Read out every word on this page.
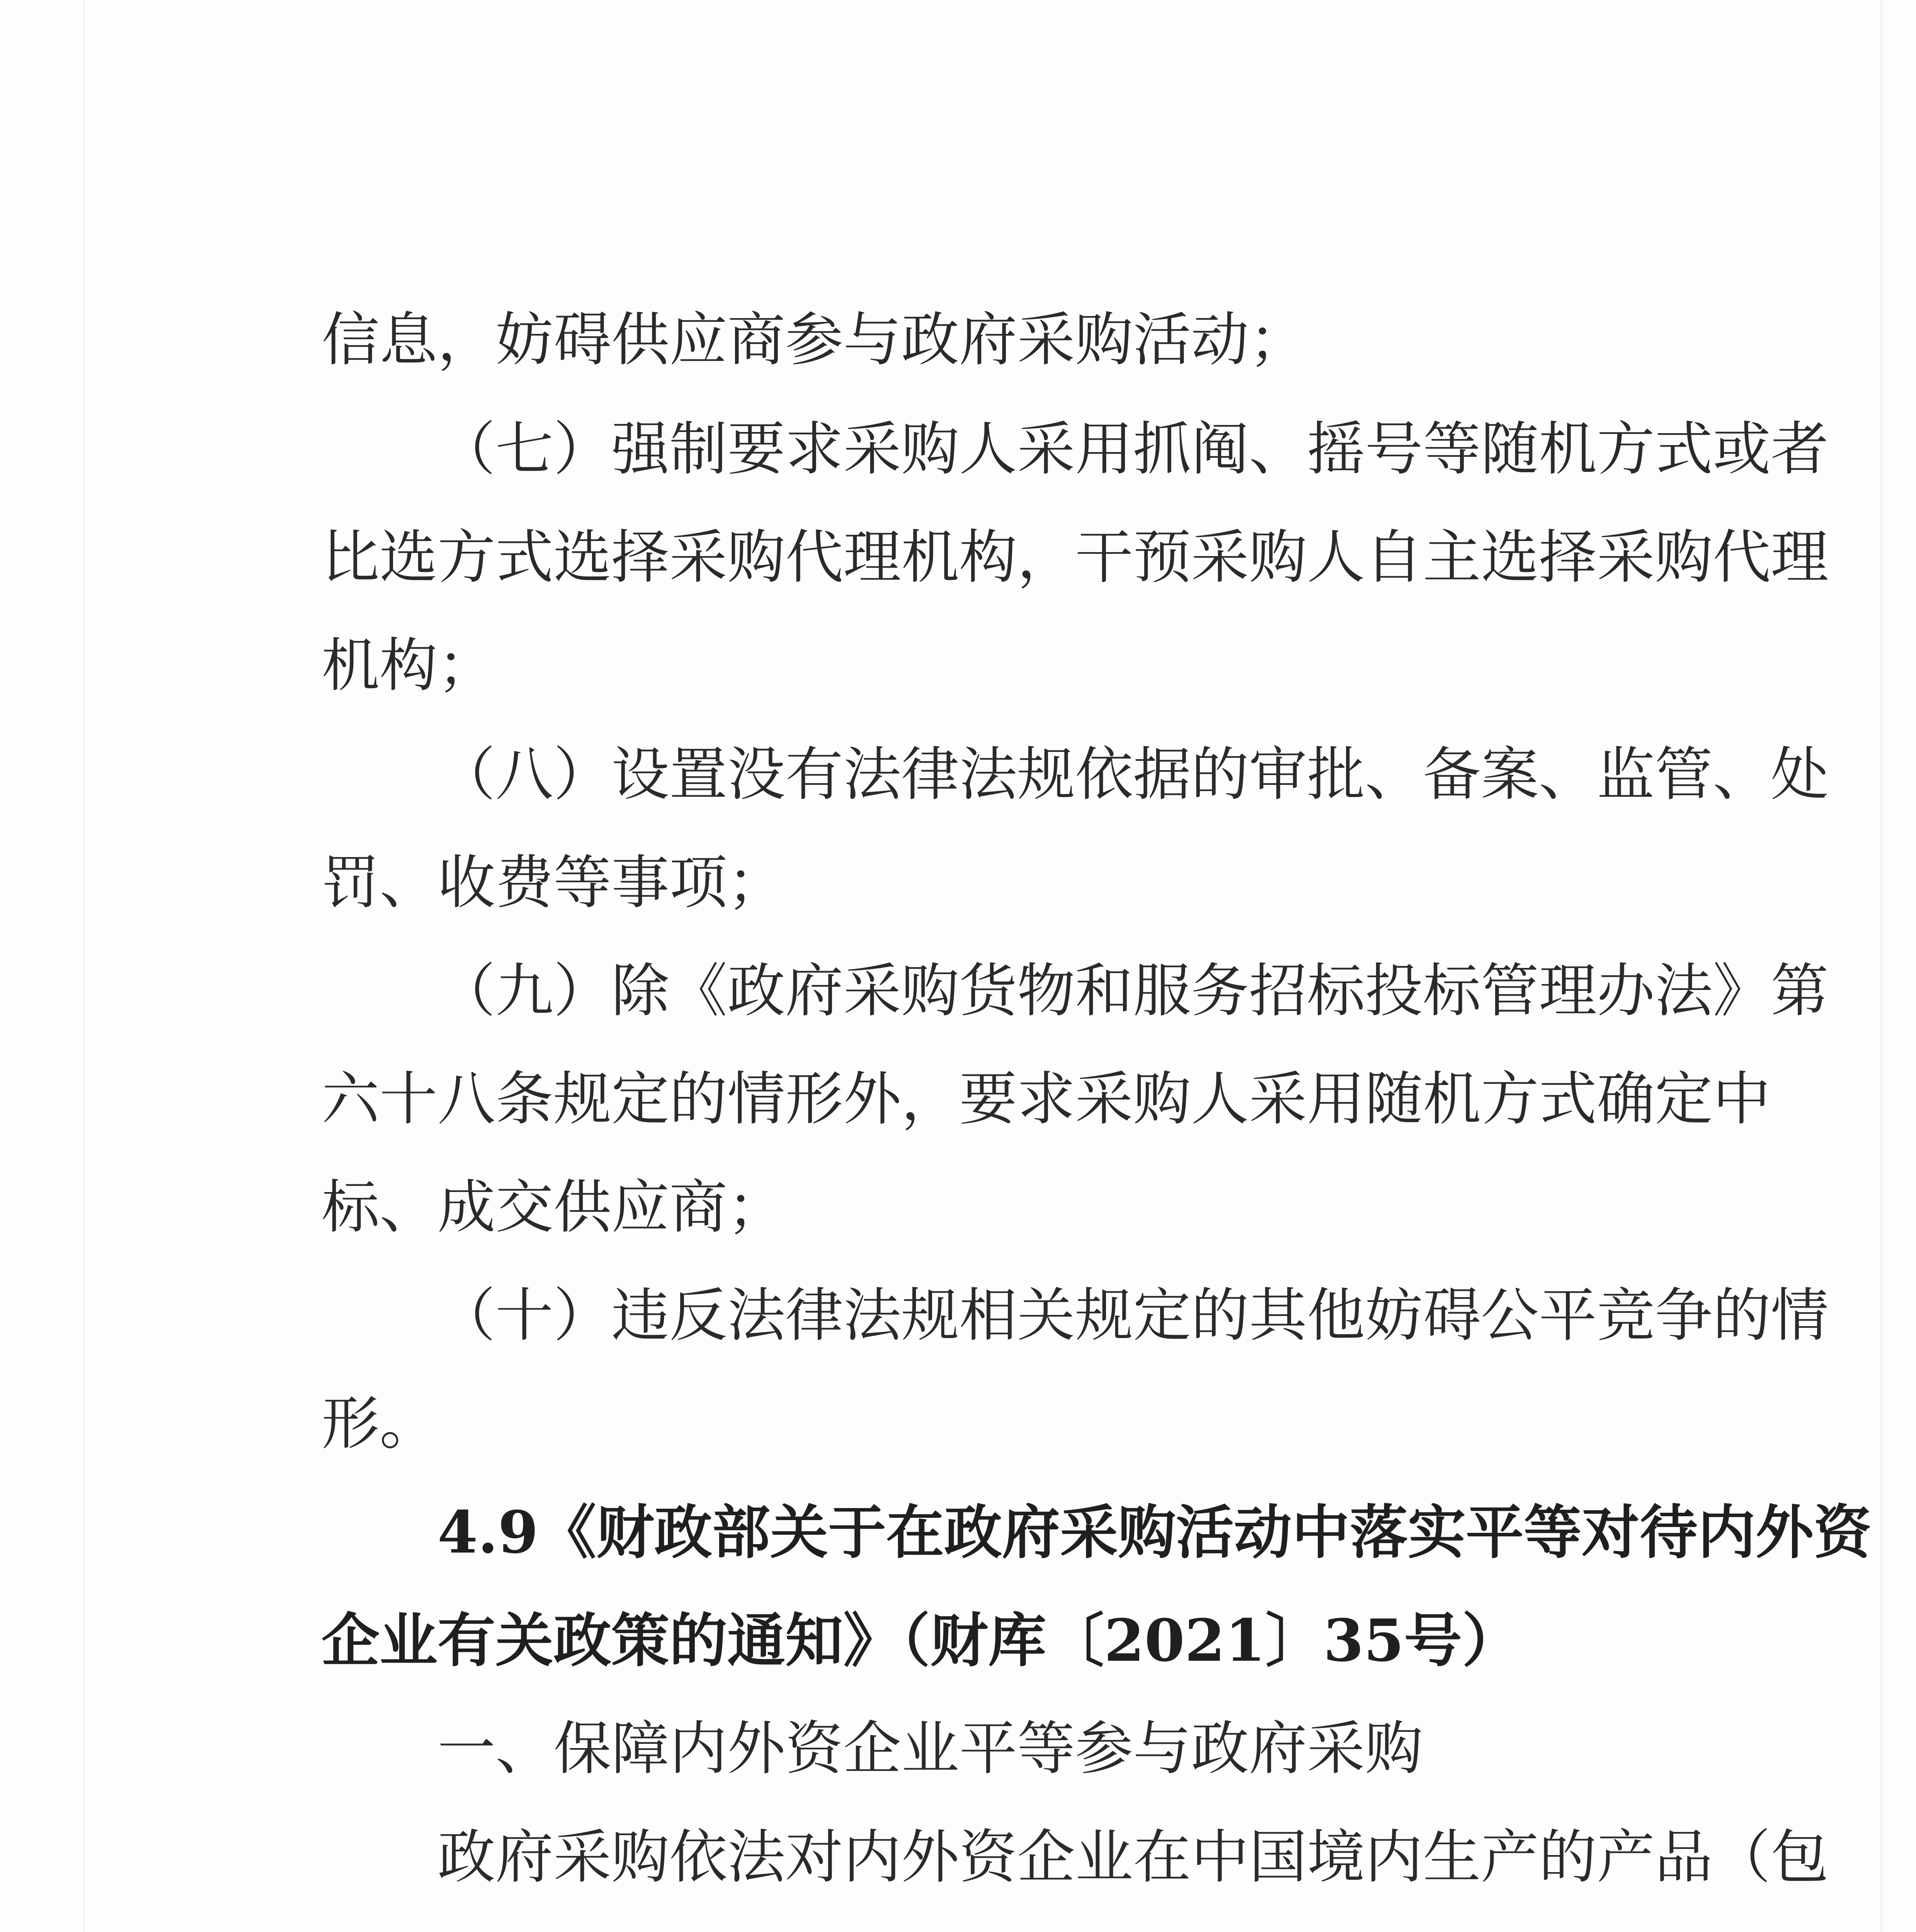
信息，妨碍供应商参与政府采购活动；
（七）强制要求采购人采用抓阄、摇号等随机方式或者
比选方式选择采购代理机构，干预采购人自主选择采购代理
机构；
（八）设置没有法律法规依据的审批、备案、监管、处
罚、收费等事项；
（九）除《政府采购货物和服务招标投标管理办法》第
六十八条规定的情形外，要求采购人采用随机方式确定中
标、成交供应商；
（十）违反法律法规相关规定的其他妨碍公平竞争的情
形。
4.9《财政部关于在政府采购活动中落实平等对待内外资
企业有关政策的通知》（财库〔2021〕35号）
一、保障内外资企业平等参与政府采购
政府采购依法对内外资企业在中国境内生产的产品（包
